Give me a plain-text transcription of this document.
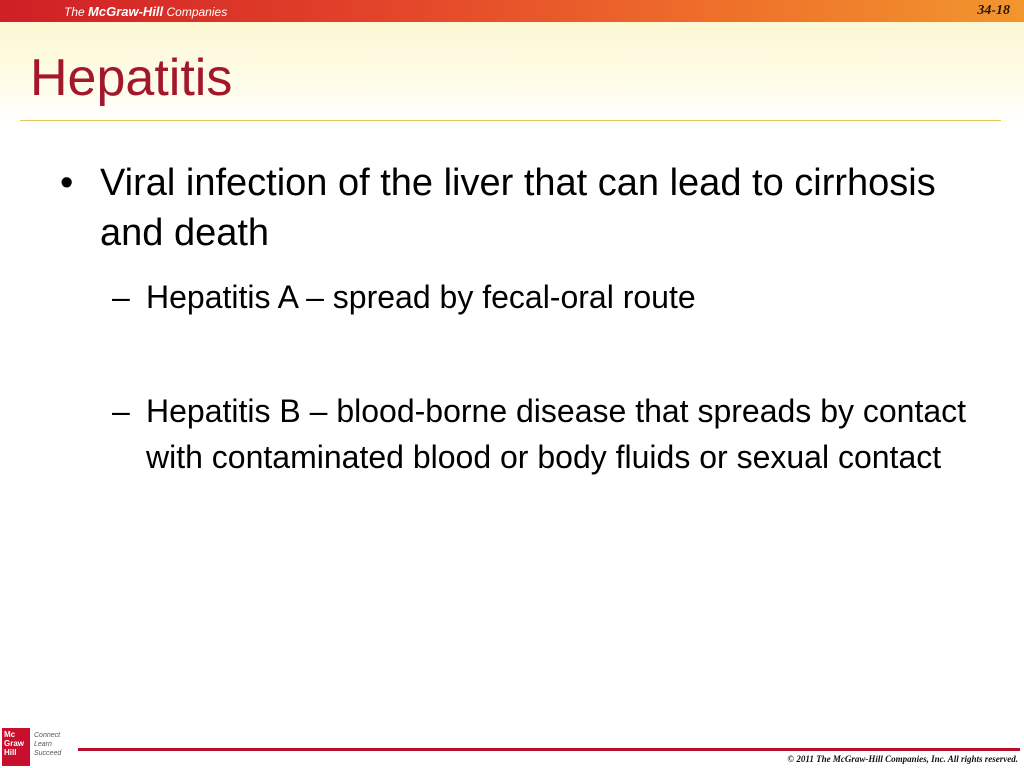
The McGraw-Hill Companies	34-18
Hepatitis
• Viral infection of the liver that can lead to cirrhosis and death
– Hepatitis A – spread by fecal-oral route
– Hepatitis B – blood-borne disease that spreads by contact with contaminated blood or body fluids or sexual contact
Mc
Graw
Hill
Connect
Learn
Succeed
© 2011 The McGraw-Hill Companies, Inc. All rights reserved.
